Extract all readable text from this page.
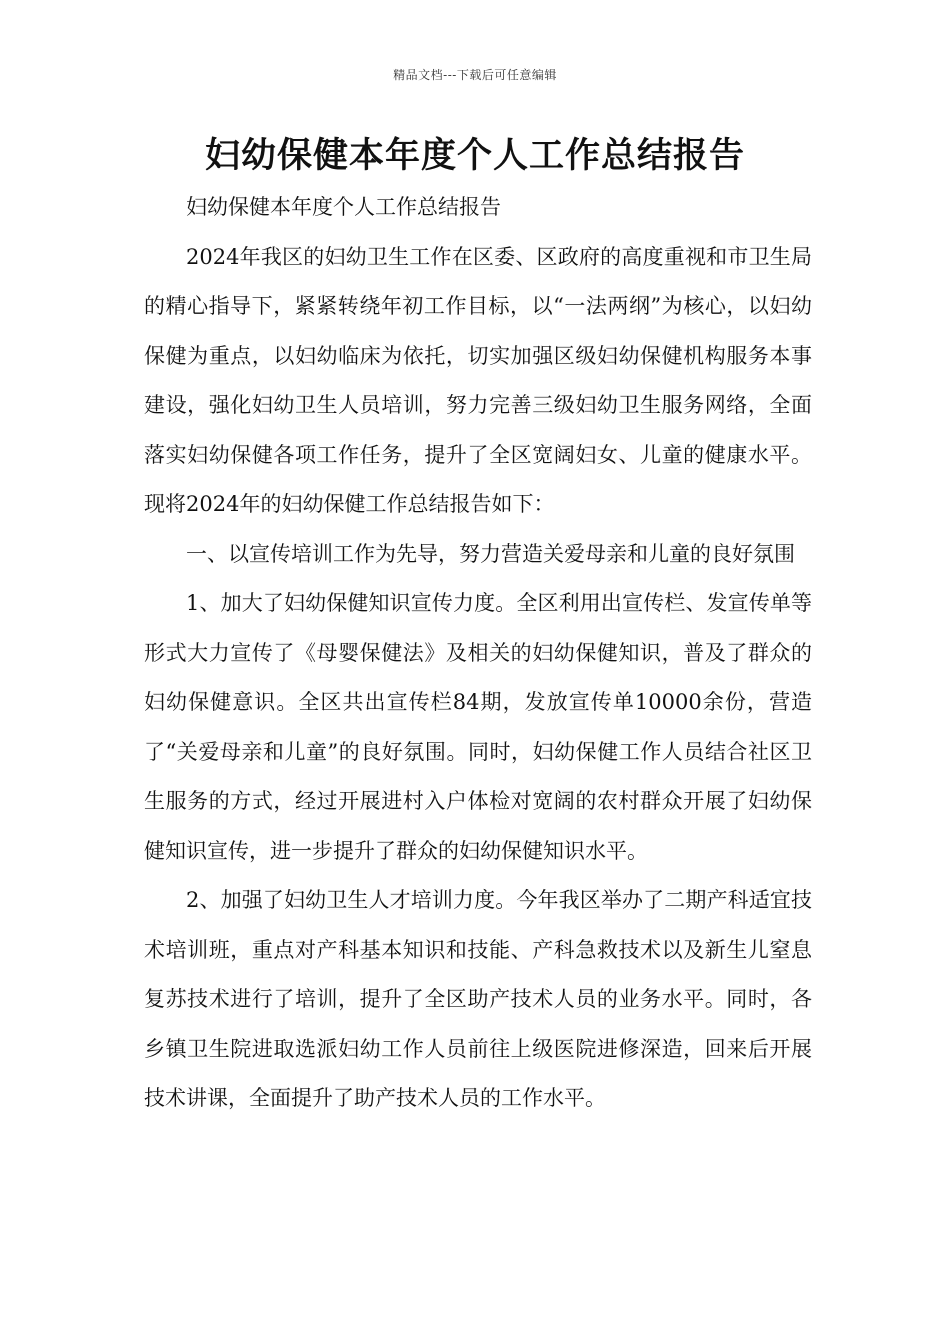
精品文档---下载后可任意编辑
妇幼保健本年度个人工作总结报告

妇幼保健本年度个人工作总结报告

2024年我区的妇幼卫生工作在区委、区政府的高度重视和市卫生局的精心指导下，紧紧转绕年初工作目标，以“一法两纲”为核心，以妇幼保健为重点，以妇幼临床为依托，切实加强区级妇幼保健机构服务本事建设，强化妇幼卫生人员培训，努力完善三级妇幼卫生服务网络，全面落实妇幼保健各项工作任务，提升了全区宽阔妇女、儿童的健康水平。现将2024年的妇幼保健工作总结报告如下：

一、以宣传培训工作为先导，努力营造关爱母亲和儿童的良好氛围

1、加大了妇幼保健知识宣传力度。全区利用出宣传栏、发宣传单等形式大力宣传了《母婴保健法》及相关的妇幼保健知识，普及了群众的妇幼保健意识。全区共出宣传栏84期，发放宣传单10000余份，营造了“关爱母亲和儿童”的良好氛围。同时，妇幼保健工作人员结合社区卫生服务的方式，经过开展进村入户体检对宽阔的农村群众开展了妇幼保健知识宣传，进一步提升了群众的妇幼保健知识水平。

2、加强了妇幼卫生人才培训力度。今年我区举办了二期产科适宜技术培训班，重点对产科基本知识和技能、产科急救技术以及新生儿窒息复苏技术进行了培训，提升了全区助产技术人员的业务水平。同时，各乡镇卫生院进取选派妇幼工作人员前往上级医院进修深造，回来后开展技术讲课，全面提升了助产技术人员的工作水平。
